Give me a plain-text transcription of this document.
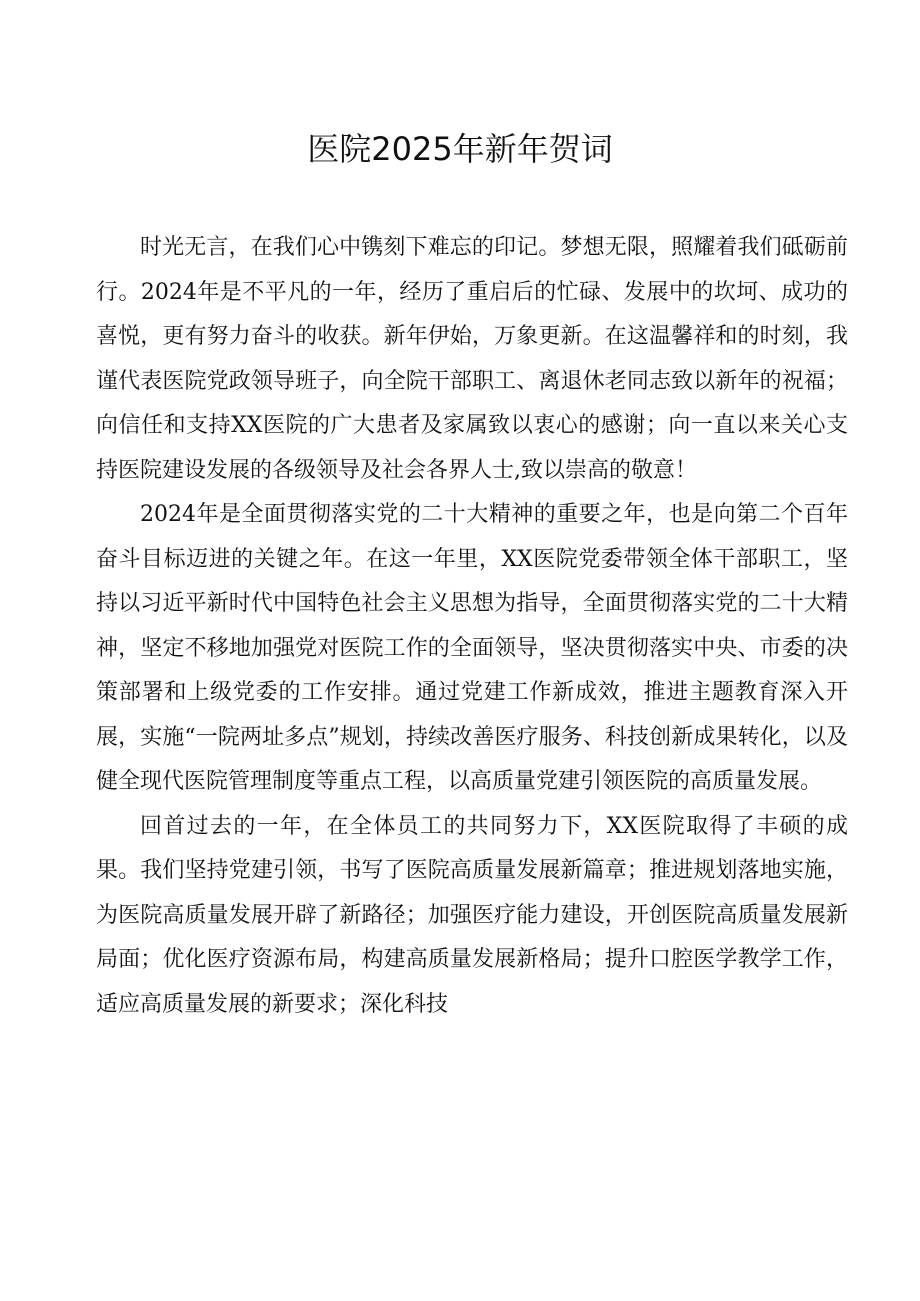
医院2025年新年贺词

时光无言，在我们心中镌刻下难忘的印记。梦想无限，照耀着我们砥砺前行。2024年是不平凡的一年，经历了重启后的忙碌、发展中的坎坷、成功的喜悦，更有努力奋斗的收获。新年伊始，万象更新。在这温馨祥和的时刻，我谨代表医院党政领导班子，向全院干部职工、离退休老同志致以新年的祝福；向信任和支持XX医院的广大患者及家属致以衷心的感谢；向一直以来关心支持医院建设发展的各级领导及社会各界人士,致以崇高的敬意！

2024年是全面贯彻落实党的二十大精神的重要之年，也是向第二个百年奋斗目标迈进的关键之年。在这一年里，XX医院党委带领全体干部职工，坚持以习近平新时代中国特色社会主义思想为指导，全面贯彻落实党的二十大精神，坚定不移地加强党对医院工作的全面领导，坚决贯彻落实中央、市委的决策部署和上级党委的工作安排。通过党建工作新成效，推进主题教育深入开展，实施“一院两址多点”规划，持续改善医疗服务、科技创新成果转化，以及健全现代医院管理制度等重点工程，以高质量党建引领医院的高质量发展。

回首过去的一年，在全体员工的共同努力下，XX医院取得了丰硕的成果。我们坚持党建引领，书写了医院高质量发展新篇章；推进规划落地实施，为医院高质量发展开辟了新路径；加强医疗能力建设，开创医院高质量发展新局面；优化医疗资源布局，构建高质量发展新格局；提升口腔医学教学工作，适应高质量发展的新要求；深化科技
